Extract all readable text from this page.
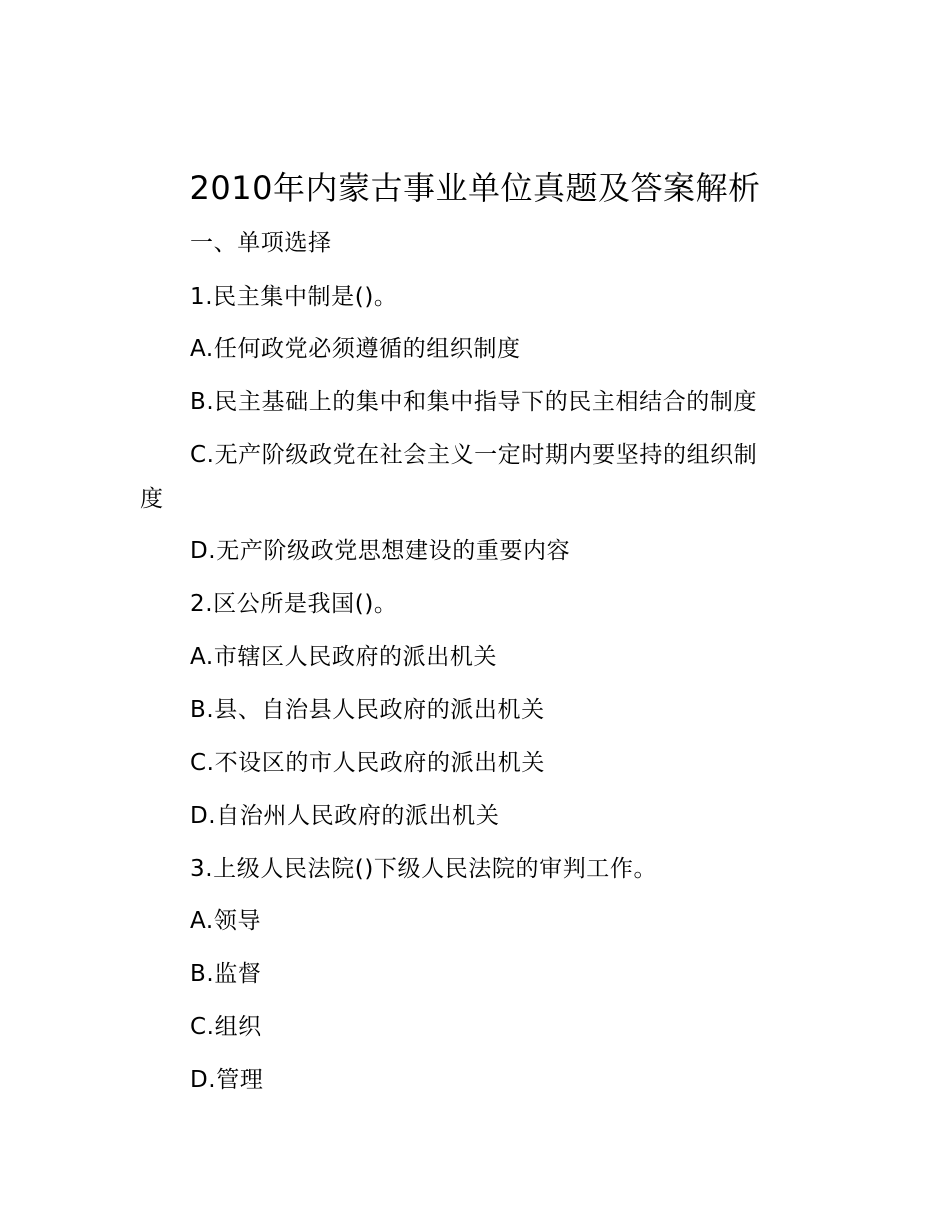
2010年内蒙古事业单位真题及答案解析
一、单项选择
1.民主集中制是()。
A.任何政党必须遵循的组织制度
B.民主基础上的集中和集中指导下的民主相结合的制度
C.无产阶级政党在社会主义一定时期内要坚持的组织制
度
D.无产阶级政党思想建设的重要内容
2.区公所是我国()。
A.市辖区人民政府的派出机关
B.县、自治县人民政府的派出机关
C.不设区的市人民政府的派出机关
D.自治州人民政府的派出机关
3.上级人民法院()下级人民法院的审判工作。
A.领导
B.监督
C.组织
D.管理
